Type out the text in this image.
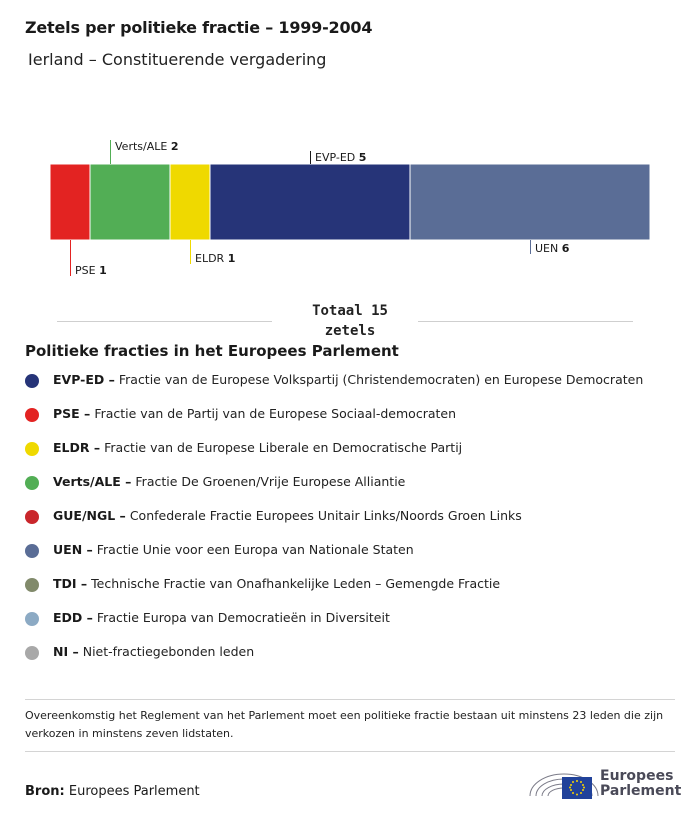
Zetels per politieke fractie – 1999-2004
Ierland – Constituerende vergadering
PSE 1
Verts/ALE 2
ELDR 1
EVP-ED 5
UEN 6
Totaal 15
zetels
Politieke fracties in het Europees Parlement
EVP-ED – Fractie van de Europese Volkspartij (Christendemocraten) en Europese Democraten
PSE – Fractie van de Partij van de Europese Sociaal-democraten
ELDR – Fractie van de Europese Liberale en Democratische Partij
Verts/ALE – Fractie De Groenen/Vrije Europese Alliantie
GUE/NGL – Confederale Fractie Europees Unitair Links/Noords Groen Links
UEN – Fractie Unie voor een Europa van Nationale Staten
TDI – Technische Fractie van Onafhankelijke Leden – Gemengde Fractie
EDD – Fractie Europa van Democratieën in Diversiteit
NI – Niet-fractiegebonden leden
Overeenkomstig het Reglement van het Parlement moet een politieke fractie bestaan uit minstens 23 leden die zijn verkozen in minstens zeven lidstaten.
Bron: Europees Parlement
Europees
Parlement
